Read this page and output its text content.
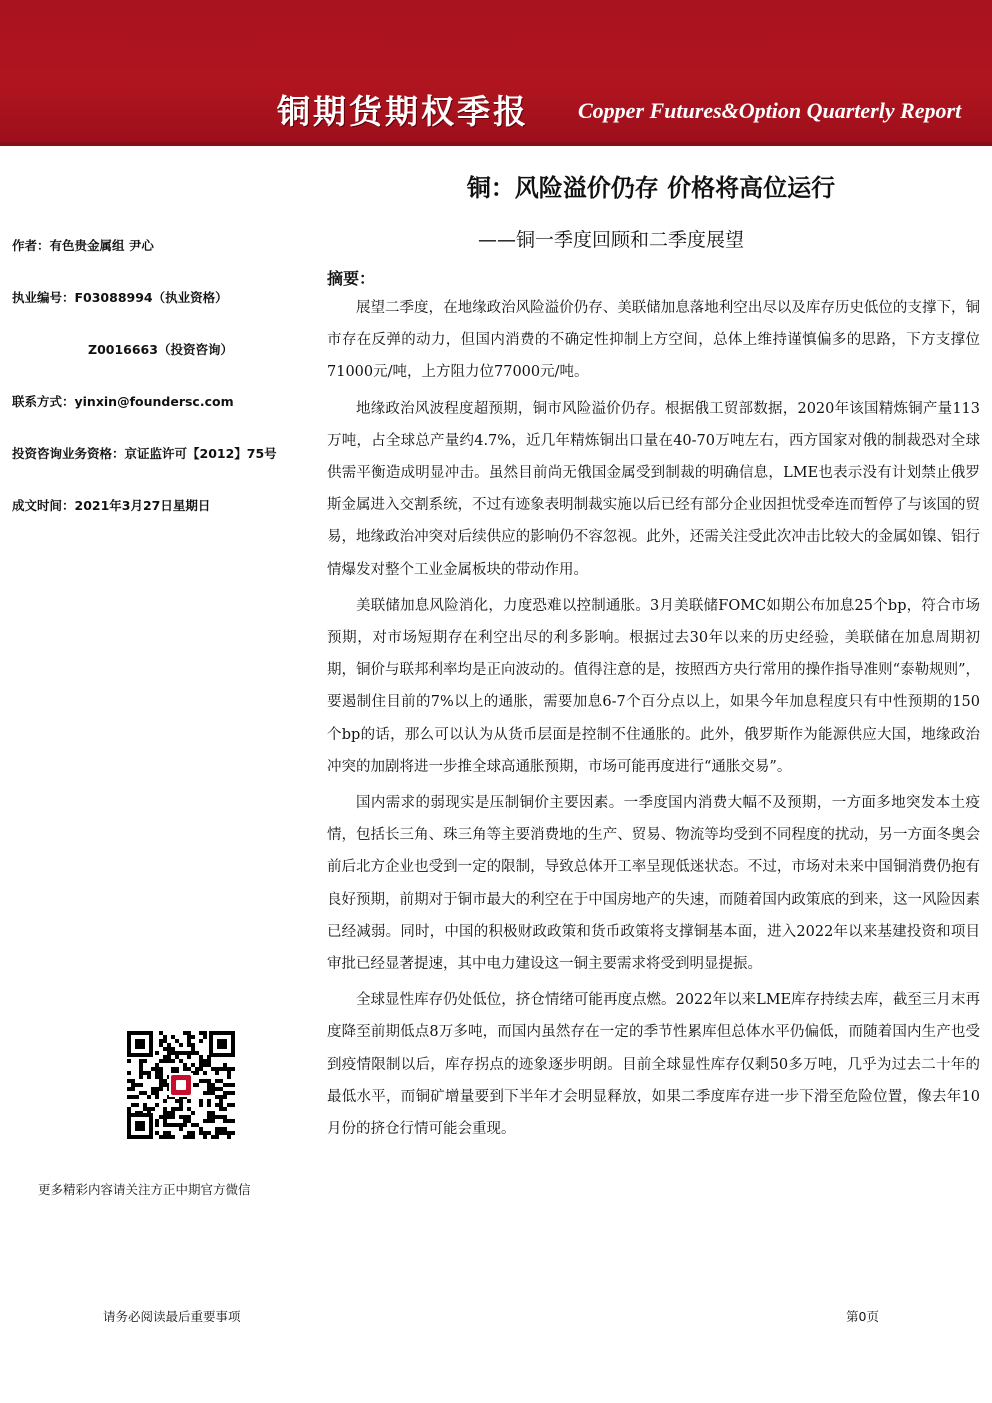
铜期货期权季报 Copper Futures&Option Quarterly Report
铜：风险溢价仍存 价格将高位运行
——铜一季度回顾和二季度展望
作者：有色贵金属组 尹心
执业编号：F03088994（执业资格）
Z0016663（投资咨询）
联系方式：yinxin@foundersc.com
投资咨询业务资格：京证监许可【2012】75号
成文时间：2021年3月27日星期日
更多精彩内容请关注方正中期官方微信
摘要：

展望二季度，在地缘政治风险溢价仍存、美联储加息落地利空出尽以及库存历史低位的支撑下，铜市存在反弹的动力，但国内消费的不确定性抑制上方空间，总体上维持谨慎偏多的思路，下方支撑位71000元/吨，上方阻力位77000元/吨。

地缘政治风波程度超预期，铜市风险溢价仍存。根据俄工贸部数据，2020年该国精炼铜产量113万吨，占全球总产量约4.7%，近几年精炼铜出口量在40-70万吨左右，西方国家对俄的制裁恐对全球供需平衡造成明显冲击。虽然目前尚无俄国金属受到制裁的明确信息，LME也表示没有计划禁止俄罗斯金属进入交割系统，不过有迹象表明制裁实施以后已经有部分企业因担忧受牵连而暂停了与该国的贸易，地缘政治冲突对后续供应的影响仍不容忽视。此外，还需关注受此次冲击比较大的金属如镍、铝行情爆发对整个工业金属板块的带动作用。

美联储加息风险消化，力度恐难以控制通胀。3月美联储FOMC如期公布加息25个bp，符合市场预期，对市场短期存在利空出尽的利多影响。根据过去30年以来的历史经验，美联储在加息周期初期，铜价与联邦利率均是正向波动的。值得注意的是，按照西方央行常用的操作指导准则“泰勒规则”，要遏制住目前的7%以上的通胀，需要加息6-7个百分点以上，如果今年加息程度只有中性预期的150个bp的话，那么可以认为从货币层面是控制不住通胀的。此外，俄罗斯作为能源供应大国，地缘政治冲突的加剧将进一步推全球高通胀预期，市场可能再度进行“通胀交易”。

国内需求的弱现实是压制铜价主要因素。一季度国内消费大幅不及预期，一方面多地突发本土疫情，包括长三角、珠三角等主要消费地的生产、贸易、物流等均受到不同程度的扰动，另一方面冬奥会前后北方企业也受到一定的限制，导致总体开工率呈现低迷状态。不过，市场对未来中国铜消费仍抱有良好预期，前期对于铜市最大的利空在于中国房地产的失速，而随着国内政策底的到来，这一风险因素已经减弱。同时，中国的积极财政政策和货币政策将支撑铜基本面，进入2022年以来基建投资和项目审批已经显著提速，其中电力建设这一铜主要需求将受到明显提振。

全球显性库存仍处低位，挤仓情绪可能再度点燃。2022年以来LME库存持续去库，截至三月末再度降至前期低点8万多吨，而国内虽然存在一定的季节性累库但总体水平仍偏低，而随着国内生产也受到疫情限制以后，库存拐点的迹象逐步明朗。目前全球显性库存仅剩50多万吨，几乎为过去二十年的最低水平，而铜矿增量要到下半年才会明显释放，如果二季度库存进一步下滑至危险位置，像去年10月份的挤仓行情可能会重现。

请务必阅读最后重要事项	第0页
